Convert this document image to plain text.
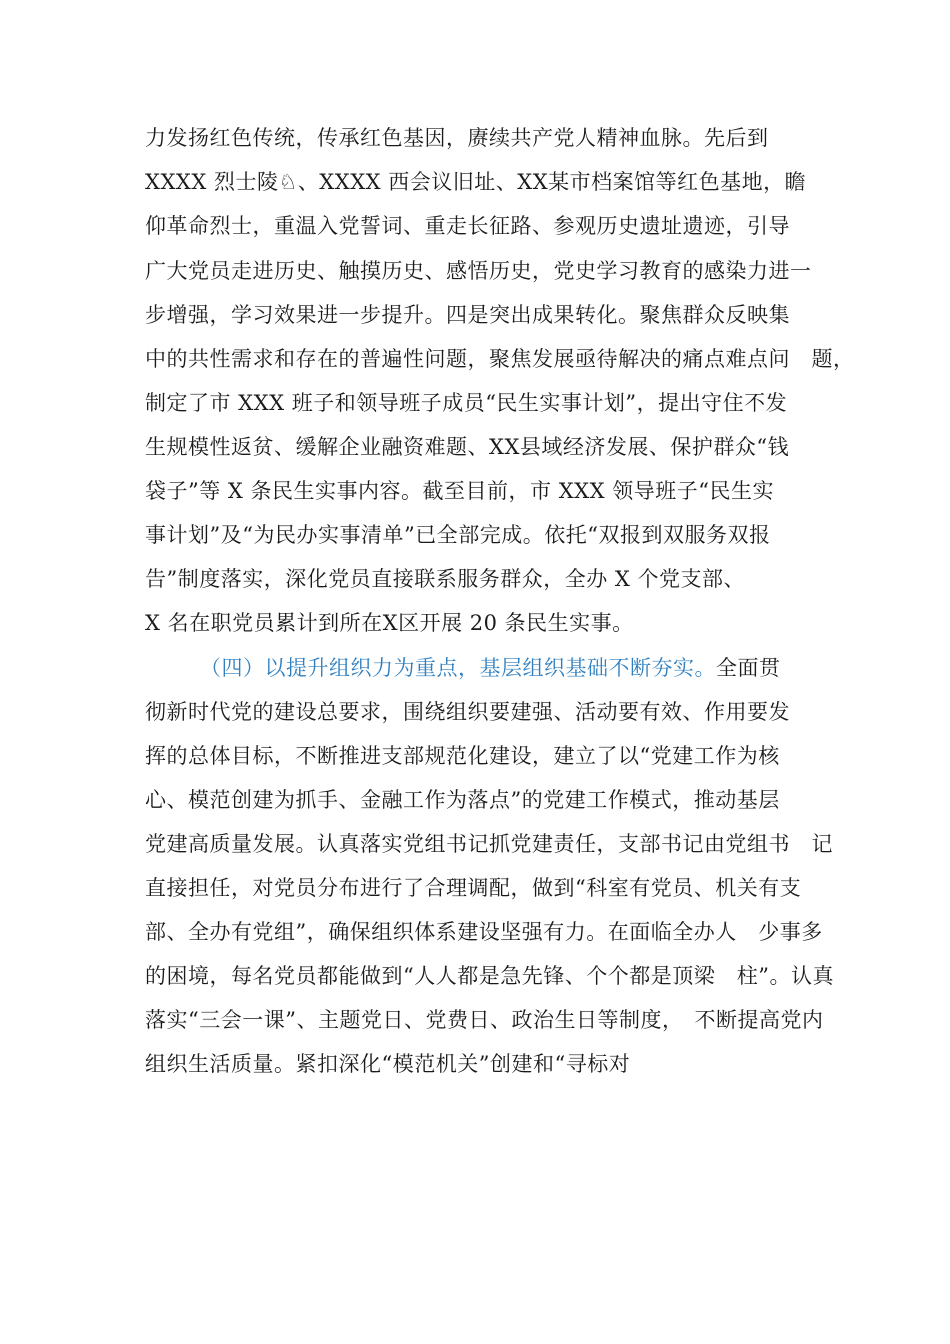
力发扬红色传统，传承红色基因，赓续共产党人精神血脉。先后到
XXXX 烈士陵♘、XXXX 西会议旧址、XX某市档案馆等红色基地，瞻
仰革命烈士，重温入党誓词、重走长征路、参观历史遗址遗迹，引导
广大党员走进历史、触摸历史、感悟历史，党史学习教育的感染力进一
步增强，学习效果进一步提升。四是突出成果转化。聚焦群众反映集
中的共性需求和存在的普遍性问题，聚焦发展亟待解决的痛点难点问　题，
制定了市 XXX 班子和领导班子成员“民生实事计划”，提出守住不发
生规模性返贫、缓解企业融资难题、XX县域经济发展、保护群众“钱
袋子”等 X 条民生实事内容。截至目前，市 XXX 领导班子“民生实
事计划”及“为民办实事清单”已全部完成。依托“双报到双服务双报
告”制度落实，深化党员直接联系服务群众，全办 X 个党支部、
X 名在职党员累计到所在X区开展 20 条民生实事。
（四）以提升组织力为重点，基层组织基础不断夯实。全面贯
彻新时代党的建设总要求，围绕组织要建强、活动要有效、作用要发
挥的总体目标，不断推进支部规范化建设，建立了以“党建工作为核
心、模范创建为抓手、金融工作为落点”的党建工作模式，推动基层
党建高质量发展。认真落实党组书记抓党建责任，支部书记由党组书　记
直接担任，对党员分布进行了合理调配，做到“科室有党员、机关有支
部、全办有党组”，确保组织体系建设坚强有力。在面临全办人　少事多
的困境，每名党员都能做到“人人都是急先锋、个个都是顶梁　柱”。认真
落实“三会一课”、主题党日、党费日、政治生日等制度，　不断提高党内
组织生活质量。紧扣深化“模范机关”创建和“寻标对
